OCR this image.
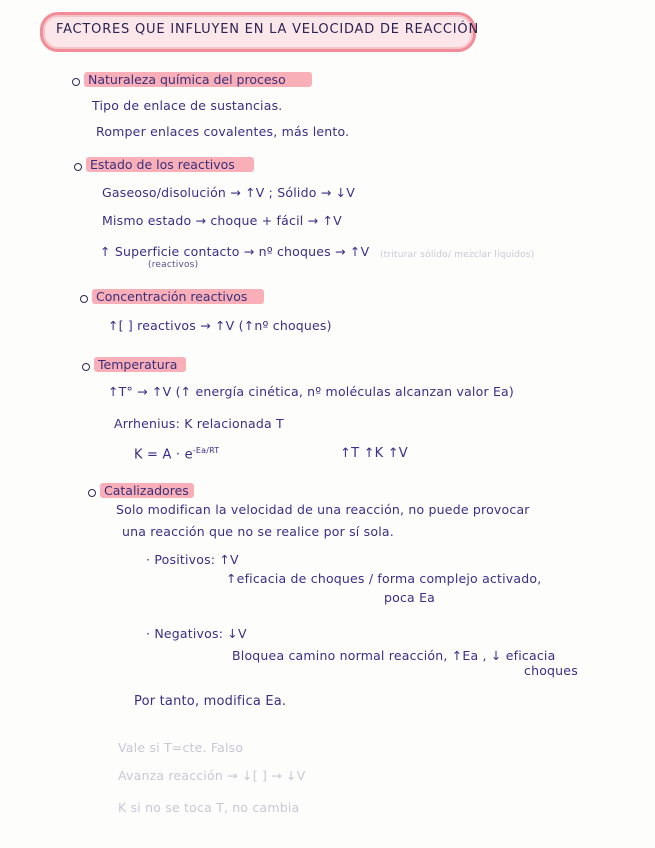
FACTORES QUE INFLUYEN EN LA VELOCIDAD DE REACCIÓN
Naturaleza química del proceso
Tipo de enlace de sustancias.
Romper enlaces covalentes, más lento.
Estado de los reactivos
Gaseoso/disolución → ↑V ; Sólido → ↓V
Mismo estado → choque + fácil → ↑V
↑ Superficie contacto → nº choques → ↑V
(reactivos)
(triturar sólido/ mezclar líquidos)
Concentración reactivos
↑[ ] reactivos → ↑V (↑nº choques)
Temperatura
↑T° → ↑V (↑ energía cinética, nº moléculas alcanzan valor Ea)
Arrhenius: K relacionada T
$K = A \cdot e^{-Ea/RT}$	↑T ↑K ↑V
Catalizadores
Solo modifican la velocidad de una reacción, no puede provocar
una reacción que no se realice por sí sola.
· Positivos: ↑V
↑eficacia de choques / forma complejo activado,
poca Ea
· Negativos: ↓V
Bloquea camino normal reacción, ↑Ea , ↓ eficacia
choques
Por tanto, modifica Ea.
Vale si T=cte. Falso
Avanza reacción → ↓[ ] → ↓V
K si no se toca T, no cambia
